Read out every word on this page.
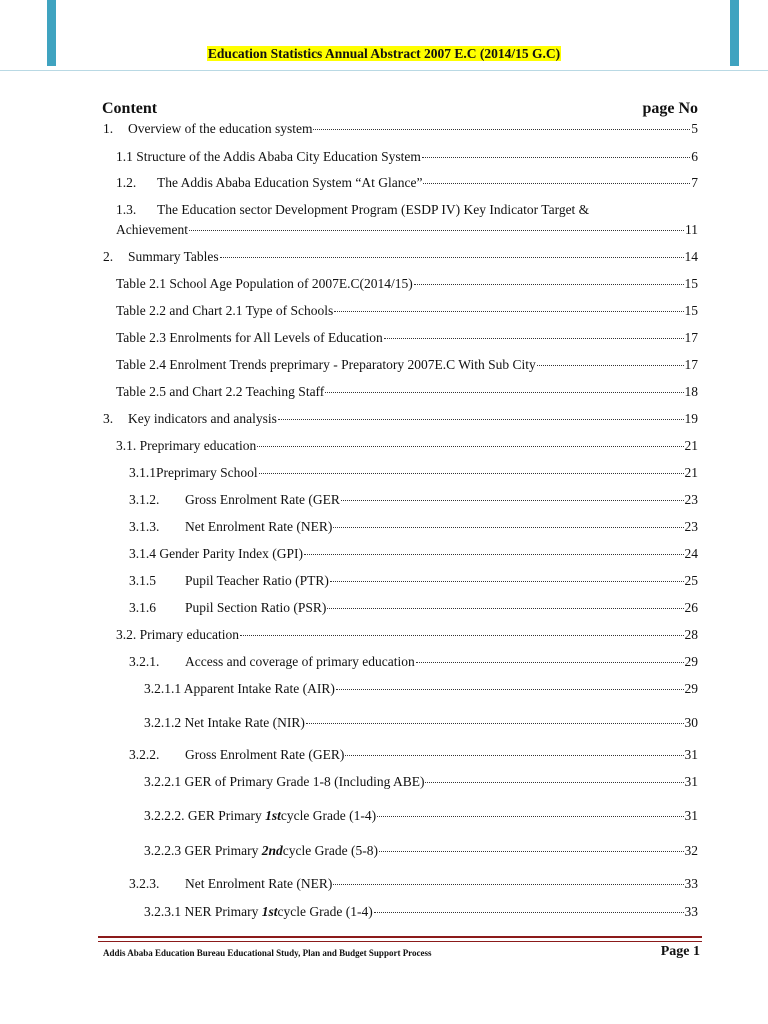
Education Statistics Annual Abstract 2007 E.C (2014/15 G.C)
Content	page No
1.	Overview of the education system	5
1.1 Structure of the Addis Ababa City Education System	6
1.2.	The Addis Ababa Education System “At Glance”	7
1.3. The Education sector Development Program (ESDP IV) Key Indicator Target &
Achievement	11
2.	Summary Tables	14
Table 2.1 School Age Population of 2007E.C(2014/15)	15
Table 2.2 and Chart 2.1 Type of Schools	15
Table 2.3 Enrolments for All Levels of Education	17
Table 2.4 Enrolment Trends preprimary - Preparatory 2007E.C With Sub City	17
Table 2.5 and Chart 2.2 Teaching Staff	18
3.	Key indicators and analysis	19
3.1. Preprimary education	21
3.1.1Preprimary School	21
3.1.2.	Gross Enrolment Rate (GER	23
3.1.3.	Net Enrolment Rate (NER)	23
3.1.4 Gender Parity Index (GPI)	24
3.1.5	Pupil Teacher Ratio (PTR)	25
3.1.6	Pupil Section Ratio (PSR)	26
3.2. Primary education	28
3.2.1.	Access and coverage of primary education	29
3.2.1.1 Apparent Intake Rate (AIR)	29
3.2.1.2 Net Intake Rate (NIR)	30
3.2.2.	Gross Enrolment Rate (GER)	31
3.2.2.1 GER of Primary Grade 1-8 (Including ABE)	31
3.2.2.2. GER Primary 1stcycle Grade (1-4)	31
3.2.2.3 GER Primary 2ndcycle Grade (5-8)	32
3.2.3.	Net Enrolment Rate (NER)	33
3.2.3.1 NER Primary 1stcycle Grade (1-4)	33
Addis Ababa Education Bureau Educational Study, Plan and Budget Support Process	Page 1
